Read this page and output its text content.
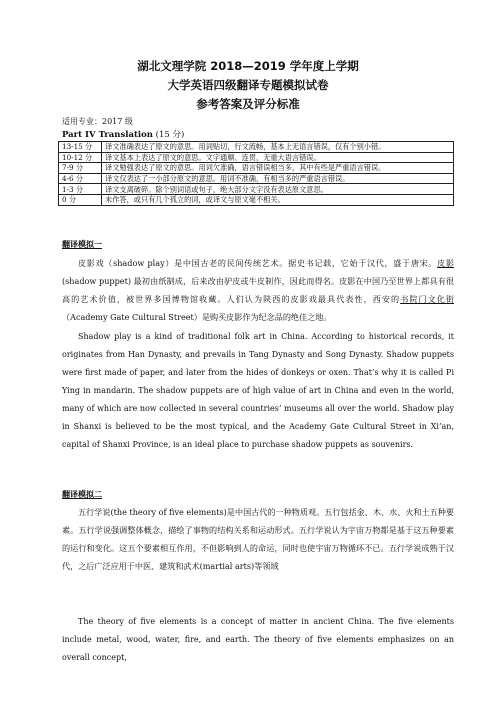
湖北文理学院 2018—2019 学年度上学期
大学英语四级翻译专题模拟试卷
参考答案及评分标准
适用专业：2017 级
Part IV Translation (15 分)
13-15 分	译文准确表达了原文的意思。用词贴切，行文流畅，基本上无语言错误，仅有个别小错。
10-12 分	译文基本上表达了原文的意思。文字通顺、连贯，无重大语言错误。
7-9 分	译文勉强表达了原文的意思。用词欠准确，语言错误相当多，其中有些是严重语言错误。
4-6 分	译文仅表达了一小部分原文的意思。用词不准确，有相当多的严重语言错误。
1-3 分	译文支离破碎。除个别词语或句子，绝大部分文字没有表达原文意思。
0 分	未作答，或只有几个孤立的词，或译文与原文毫不相关。
翻译模拟一
皮影戏（shadow play）是中国古老的民间传统艺术。据史书记载，它始于汉代，盛于唐宋。皮影(shadow puppet) 最初由纸制成，后来改由驴皮或牛皮制作，因此而得名。皮影在中国乃至世界上都具有很高的艺术价值，被世界多国博物馆收藏。人们认为陕西的皮影戏最具代表性，西安的书院门文化街（Academy Gate Cultural Street）是购买皮影作为纪念品的绝佳之地。
Shadow play is a kind of traditional folk art in China. According to historical records, it originates from Han Dynasty, and prevails in Tang Dynasty and Song Dynasty. Shadow puppets were first made of paper, and later from the hides of donkeys or oxen. That’s why it is called Pi Ying in mandarin. The shadow puppets are of high value of art in China and even in the world, many of which are now collected in several countries’ museums all over the world. Shadow play in Shanxi is believed to be the most typical, and the Academy Gate Cultural Street in Xi’an, capital of Shanxi Province, is an ideal place to purchase shadow puppets as souvenirs.
翻译模拟二
五行学说(the theory of five elements)是中国古代的一种物质观。五行包括金、木、水、火和土五种要素。五行学说强调整体概念，描绘了事物的结构关系和运动形式。五行学说认为宇宙万物都是基于这五种要素的运行和变化。这五个要素相互作用，不但影响到人的命运，同时也使宇宙万物循环不已。五行学说成熟于汉代，之后广泛应用于中医、建筑和武术(martial arts)等领域
The theory of five elements is a concept of matter in ancient China. The five elements include metal, wood, water, fire, and earth. The theory of five elements emphasizes on an overall concept,
